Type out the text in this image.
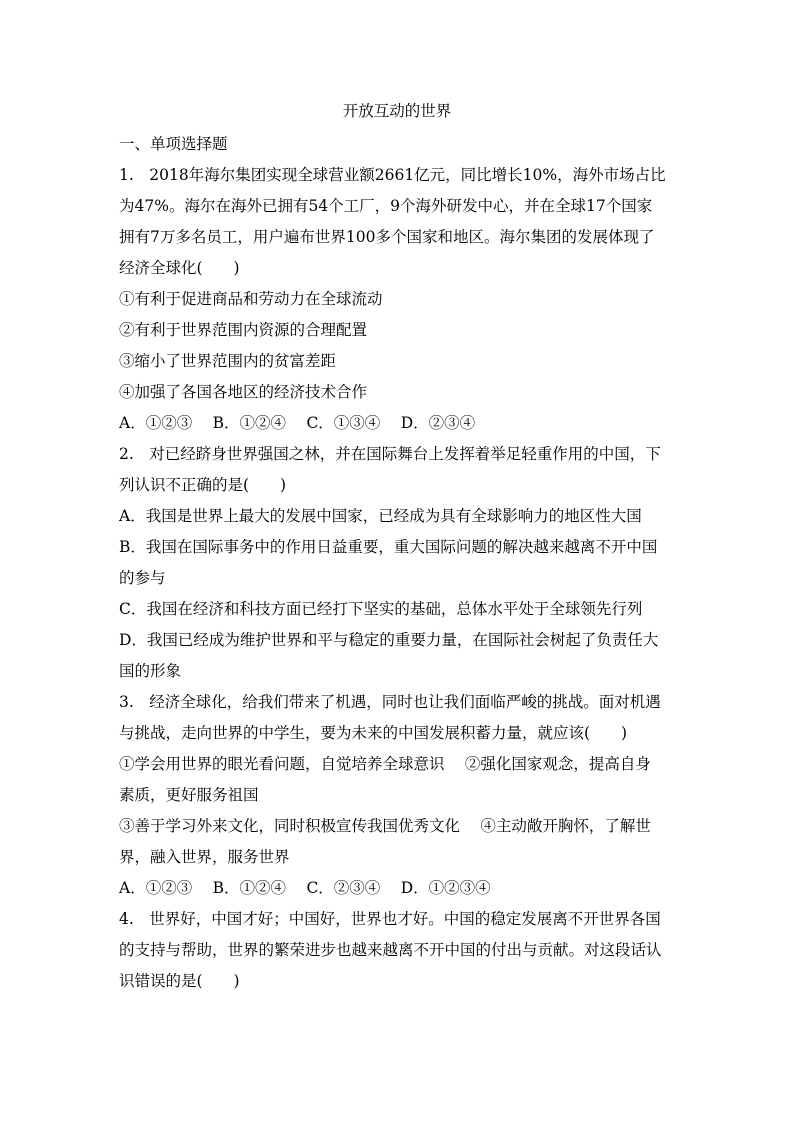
开放互动的世界
一、单项选择题
1.　2018年海尔集团实现全球营业额2661亿元，同比增长10%，海外市场占比
为47%。海尔在海外已拥有54个工厂，9个海外研发中心，并在全球17个国家
拥有7万多名员工，用户遍布世界100多个国家和地区。海尔集团的发展体现了
经济全球化(　　)
①有利于促进商品和劳动力在全球流动
②有利于世界范围内资源的合理配置
③缩小了世界范围内的贫富差距
④加强了各国各地区的经济技术合作
A．①②③　 B．①②④　 C．①③④　 D．②③④
2.　对已经跻身世界强国之林，并在国际舞台上发挥着举足轻重作用的中国，下
列认识不正确的是(　　)
A．我国是世界上最大的发展中国家，已经成为具有全球影响力的地区性大国
B．我国在国际事务中的作用日益重要，重大国际问题的解决越来越离不开中国
的参与
C．我国在经济和科技方面已经打下坚实的基础，总体水平处于全球领先行列
D．我国已经成为维护世界和平与稳定的重要力量，在国际社会树起了负责任大
国的形象
3.　经济全球化，给我们带来了机遇，同时也让我们面临严峻的挑战。面对机遇
与挑战，走向世界的中学生，要为未来的中国发展积蓄力量，就应该(　　)
①学会用世界的眼光看问题，自觉培养全球意识　 ②强化国家观念，提高自身
素质，更好服务祖国
③善于学习外来文化，同时积极宣传我国优秀文化　 ④主动敞开胸怀，了解世
界，融入世界，服务世界
A．①②③　 B．①②④　 C．②③④　 D．①②③④
4.　世界好，中国才好；中国好，世界也才好。中国的稳定发展离不开世界各国
的支持与帮助，世界的繁荣进步也越来越离不开中国的付出与贡献。对这段话认
识错误的是(　　)
